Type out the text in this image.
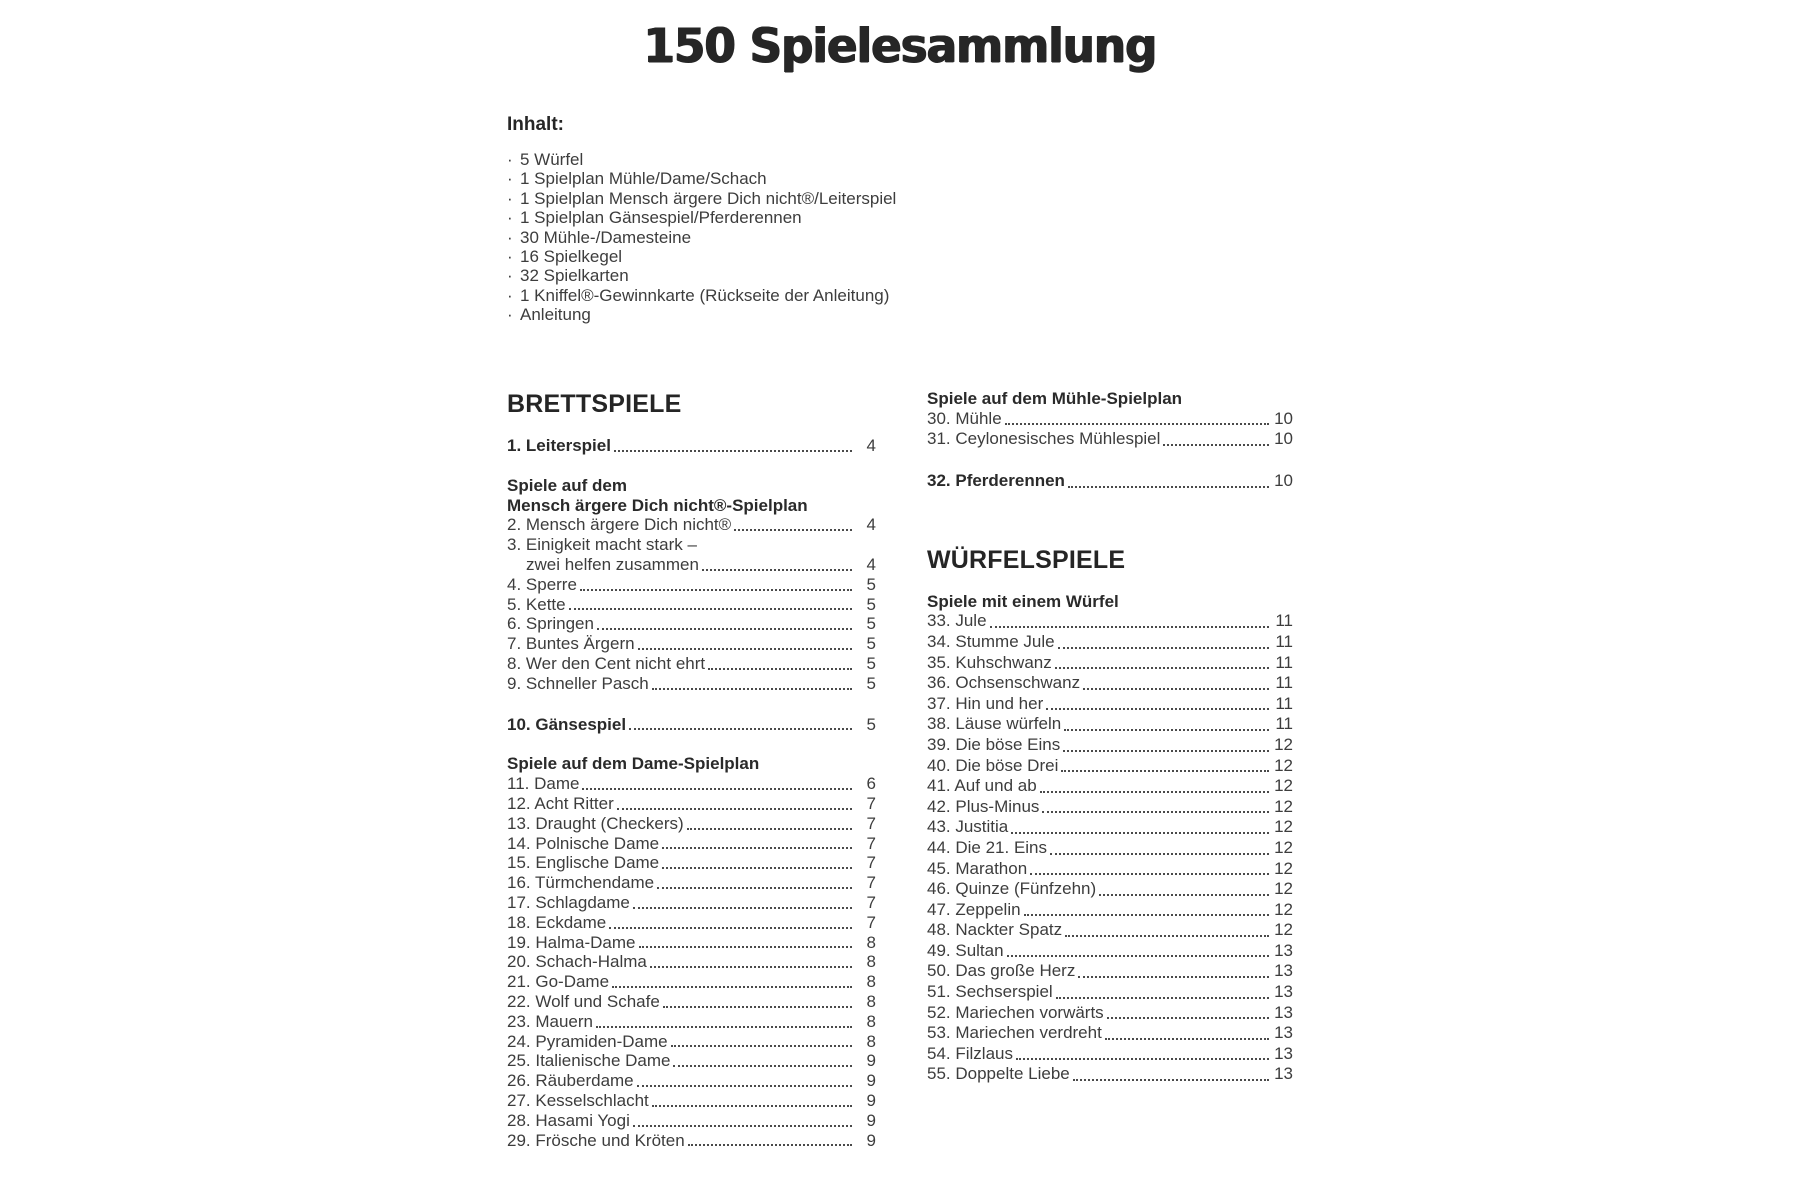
150 Spielesammlung
Inhalt:
· 5 Würfel
· 1 Spielplan Mühle/Dame/Schach
· 1 Spielplan Mensch ärgere Dich nicht®/Leiterspiel
· 1 Spielplan Gänsespiel/Pferderennen
· 30 Mühle-/Damesteine
· 16 Spielkegel
· 32 Spielkarten
· 1 Kniffel®-Gewinnkarte (Rückseite der Anleitung)
· Anleitung
BRETTSPIELE
1. Leiterspiel	4
Spiele auf dem
Mensch ärgere Dich nicht®-Spielplan
2. Mensch ärgere Dich nicht®	4
3. Einigkeit macht stark –
zwei helfen zusammen	4
4. Sperre	5
5. Kette	5
6. Springen	5
7. Buntes Ärgern	5
8. Wer den Cent nicht ehrt	5
9. Schneller Pasch	5
10. Gänsespiel	5
Spiele auf dem Dame-Spielplan
11. Dame	6
12. Acht Ritter	7
13. Draught (Checkers)	7
14. Polnische Dame	7
15. Englische Dame	7
16. Türmchendame	7
17. Schlagdame	7
18. Eckdame	7
19. Halma-Dame	8
20. Schach-Halma	8
21. Go-Dame	8
22. Wolf und Schafe	8
23. Mauern	8
24. Pyramiden-Dame	8
25. Italienische Dame	9
26. Räuberdame	9
27. Kesselschlacht	9
28. Hasami Yogi	9
29. Frösche und Kröten	9
Spiele auf dem Mühle-Spielplan
30. Mühle	10
31. Ceylonesisches Mühlespiel	10
32. Pferderennen	10
WÜRFELSPIELE
Spiele mit einem Würfel
33. Jule	11
34. Stumme Jule	11
35. Kuhschwanz	11
36. Ochsenschwanz	11
37. Hin und her	11
38. Läuse würfeln	11
39. Die böse Eins	12
40. Die böse Drei	12
41. Auf und ab	12
42. Plus-Minus	12
43. Justitia	12
44. Die 21. Eins	12
45. Marathon	12
46. Quinze (Fünfzehn)	12
47. Zeppelin	12
48. Nackter Spatz	12
49. Sultan	13
50. Das große Herz	13
51. Sechserspiel	13
52. Mariechen vorwärts	13
53. Mariechen verdreht	13
54. Filzlaus	13
55. Doppelte Liebe	13
